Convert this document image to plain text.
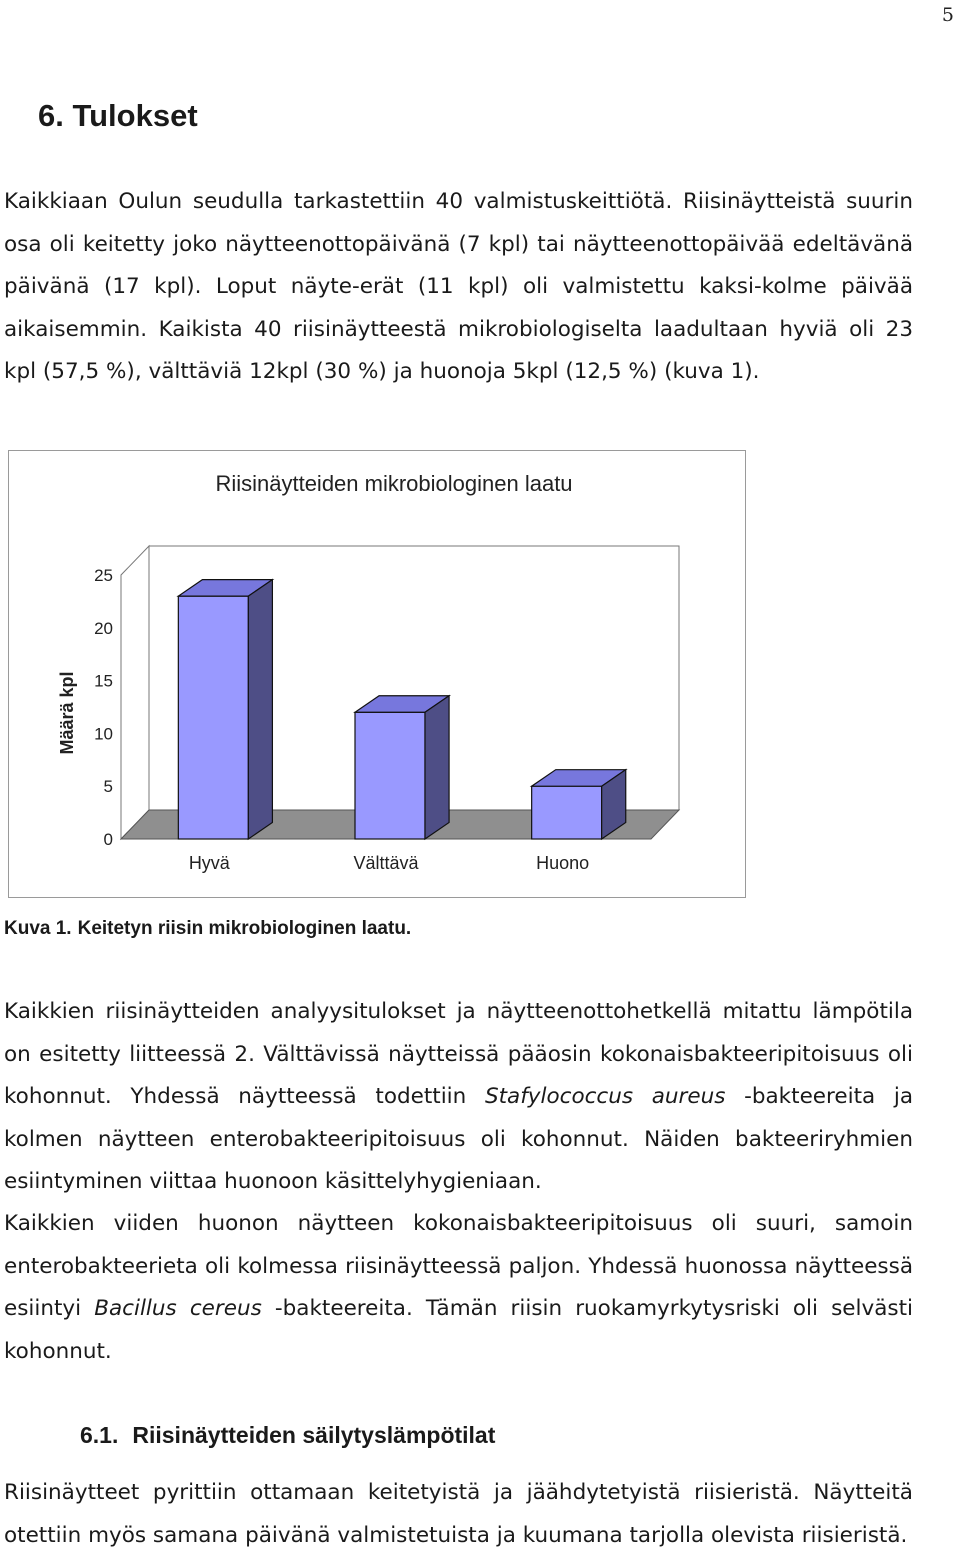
5
6. Tulokset

Kaikkiaan Oulun seudulla tarkastettiin 40 valmistuskeittiötä. Riisinäytteistä suurin osa oli keitetty joko näytteenottopäivänä (7 kpl) tai näytteenottopäivää edeltävänä päivänä (17 kpl). Loput näyte-erät (11 kpl) oli valmistettu kaksi-kolme päivää aikaisemmin. Kaikista 40 riisinäytteestä mikrobiologiselta laadultaan hyviä oli 23 kpl (57,5 %), välttäviä 12kpl (30 %) ja huonoja 5kpl (12,5 %) (kuva 1).

Riisinäytteiden mikrobiologinen laatu
Määrä kpl
0
5
10
15
20
25
Hyvä	Välttävä	Huono
Kuva 1. Keitetyn riisin mikrobiologinen laatu.

Kaikkien riisinäytteiden analyysitulokset ja näytteenottohetkellä mitattu lämpötila on esitetty liitteessä 2. Välttävissä näytteissä pääosin kokonaisbakteeripitoisuus oli kohonnut. Yhdessä näytteessä todettiin Stafylococcus aureus -bakteereita ja kolmen näytteen enterobakteeripitoisuus oli kohonnut. Näiden bakteeriryhmien esiintyminen viittaa huonoon käsittelyhygieniaan.

Kaikkien viiden huonon näytteen kokonaisbakteeripitoisuus oli suuri, samoin enterobakteerieta oli kolmessa riisinäytteessä paljon. Yhdessä huonossa näytteessä esiintyi Bacillus cereus -bakteereita. Tämän riisin ruokamyrkytysriski oli selvästi kohonnut.

6.1. Riisinäytteiden säilytyslämpötilat

Riisinäytteet pyrittiin ottamaan keitetyistä ja jäähdytetyistä riisieristä. Näytteitä otettiin myös samana päivänä valmistetuista ja kuumana tarjolla olevista riisieristä.
